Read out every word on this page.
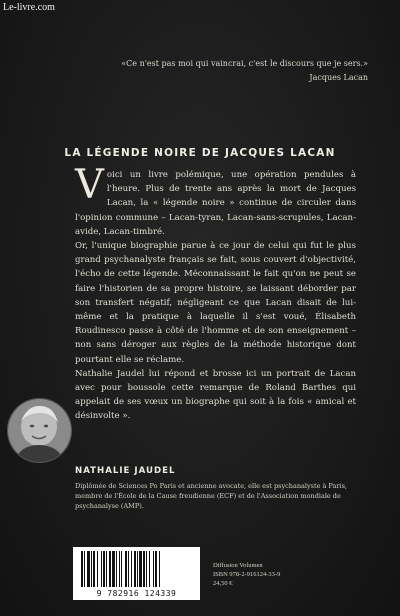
Le-livre.com
«Ce n'est pas moi qui vaincrai, c'est le discours que je sers.»
Jacques Lacan
LA LÉGENDE NOIRE DE JACQUES LACAN

Voici un livre polémique, une opération pendules à l'heure. Plus de trente ans après la mort de Jacques Lacan, la « légende noire » continue de circuler dans l'opinion commune – Lacan-tyran, Lacan-sans-scrupules, Lacan-avide, Lacan-timbré.

Or, l'unique biographie parue à ce jour de celui qui fut le plus grand psychanalyste français se fait, sous couvert d'objectivité, l'écho de cette légende. Méconnaissant le fait qu'on ne peut se faire l'historien de sa propre histoire, se laissant déborder par son transfert négatif, négligeant ce que Lacan disait de lui-même et la pratique à laquelle il s'est voué, Élisabeth Roudinesco passe à côté de l'homme et de son enseignement – non sans déroger aux règles de la méthode historique dont pourtant elle se réclame.

Nathalie Jaudel lui répond et brosse ici un portrait de Lacan avec pour boussole cette remarque de Roland Barthes qui appelait de ses vœux un biographe qui soit à la fois « amical et désinvolte ».

NATHALIE JAUDEL
Diplômée de Sciences Po Paris et ancienne avocate, elle est psychanalyste à Paris, membre de l'École de la Cause freudienne (ECF) et de l'Association mondiale de psychanalyse (AMP).
9 782916 124339
Diffusion Volumen
ISBN 978-2-916124-33-9
24,50 €
